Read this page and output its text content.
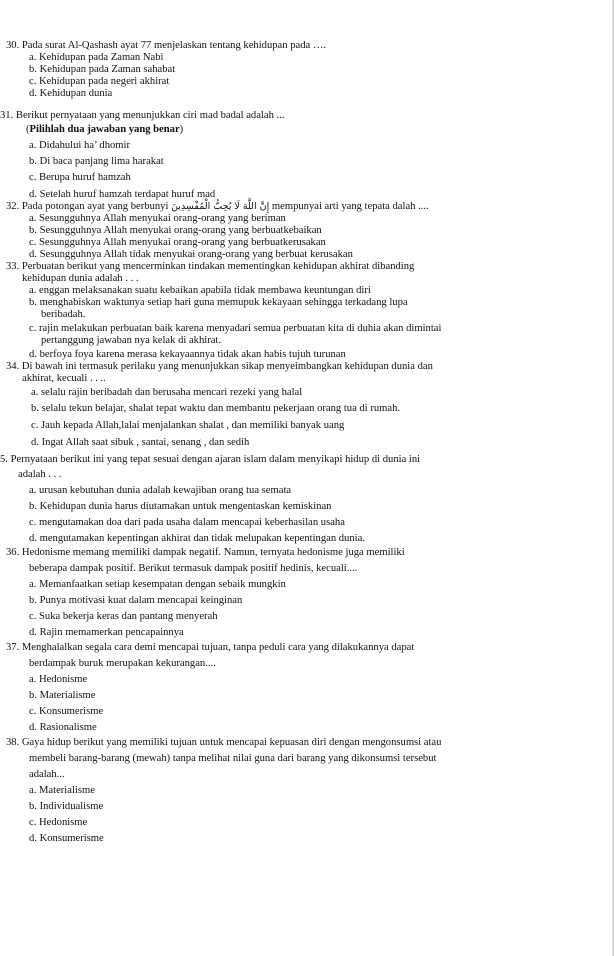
30. Pada surat Al-Qashash ayat 77 menjelaskan tentang kehidupan pada ….
a. Kehidupan pada Zaman Nabi
b. Kehidupan pada Zaman sahabat
c. Kehidupan pada negeri akhirat
d. Kehidupan dunia
31. Berikut pernyataan yang menunjukkan ciri mad badal adalah ...
(Pilihlah dua jawaban yang benar)
a. Didahului ha’ dhomir
b. Di baca panjang lima harakat
c. Berupa huruf hamzah
d. Setelah huruf hamzah terdapat huruf mad
32. Pada potongan ayat yang berbunyi إِنَّ اللَّهَ لَا يُحِبُّ الْمُفْسِدِينَ mempunyai arti yang tepata dalah ....
a. Sesungguhnya Allah menyukai orang-orang yang beriman
b. Sesungguhnya Allah menyukai orang-orang yang berbuatkebaikan
c. Sesungguhnya Allah menyukai orang-orang yang berbuatkerusakan
d. Sesungguhnya Allah tidak menyukai orang-orang yang berbuat kerusakan
33. Perbuatan berikut yang mencerminkan tindakan mementingkan kehidupan akhirat dibanding
kehidupan dunia adalah . . .
a. enggan melaksanakan suatu kebaikan apabila tidak membawa keuntungan diri
b. menghabiskan waktunya setiap hari guna memupuk kekayaan sehingga terkadang lupa
beribadah.
c. rajin melakukan perbuatan baik karena menyadari semua perbuatan kita di duhia akan dimintai
pertanggung jawaban nya kelak di akhirat.
d. berfoya foya karena merasa kekayaannya tidak akan habis tujuh turunan
34. Di bawah ini termasuk perilaku yang menunjukkan sikap menyeimbangkan kehidupan dunia dan
akhirat, kecuali . . ..
a. selalu rajin beribadah dan berusaha mencari rezeki yang halal
b. selalu tekun belajar, shalat tepat waktu dan membantu pekerjaan orang tua di rumah.
c. Jauh kepada Allah,lalai menjalankan shalat , dan memiliki banyak uang
d. Ingat Allah saat sibuk , santai, senang , dan sedih
5. Pernyataan berikut ini yang tepat sesuai dengan ajaran islam dalam menyikapi hidup di dunia ini
adalah . . .
a. urusan kebutuhan dunia adalah kewajiban orang tua semata
b. Kehidupan dunia harus diutamakan untuk mengentaskan kemiskinan
c. mengutamakan doa dari pada usaha dalam mencapai keberhasilan usaha
d. mengutamakan kepentingan akhirat dan tidak melupakan kepentingan dunia.
36. Hedonisme memang memiliki dampak negatif. Namun, ternyata hedonisme juga memiliki
beberapa dampak positif. Berikut termasuk dampak positif hedinis, kecuali....
a. Memanfaatkan setiap kesempatan dengan sebaik mungkin
b. Punya motivasi kuat dalam mencapai keinginan
c. Suka bekerja keras dan pantang menyerah
d. Rajin memamerkan pencapainnya
37. Menghalalkan segala cara demi mencapai tujuan, tanpa peduli cara yang dilakukannya dapat
berdampak buruk merupakan kekurangan....
a. Hedonisme
b. Materialisme
c. Konsumerisme
d. Rasionalisme
38. Gaya hidup berikut yang memiliki tujuan untuk mencapai kepuasan diri dengan mengonsumsi atau
membeli barang-barang (mewah) tanpa melihat nilai guna dari barang yang dikonsumsi tersebut
adalah...
a. Materialisme
b. Individualisme
c. Hedonisme
d. Konsumerisme
